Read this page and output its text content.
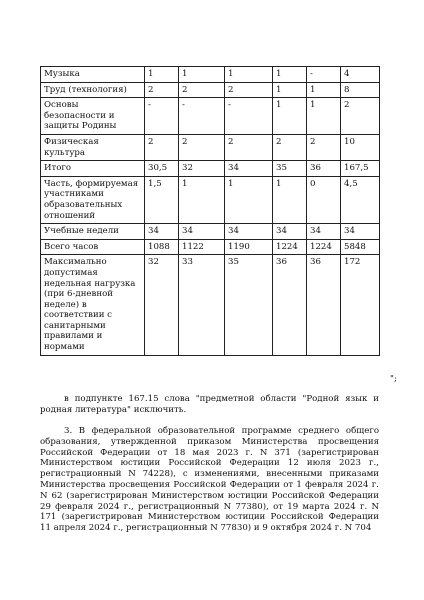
Музыка	1	1	1	1	-	4
Труд (технология)	2	2	2	1	1	8
Основы безопасности и защиты Родины	-	-	-	1	1	2
Физическая культура	2	2	2	2	2	10
Итого	30,5	32	34	35	36	167,5
Часть, формируемая участниками образовательных отношений	1,5	1	1	1	0	4,5
Учебные недели	34	34	34	34	34	34
Всего часов	1088	1122	1190	1224	1224	5848
Максимально допустимая недельная нагрузка (при 6-дневной неделе) в соответствии с санитарными правилами и нормами	32	33	35	36	36	172
";

в подпункте 167.15 слова "предметной области "Родной язык и родная литература" исключить.

3. В федеральной образовательной программе среднего общего образования, утвержденной приказом Министерства просвещения Российской Федерации от 18 мая 2023 г. N 371 (зарегистрирован Министерством юстиции Российской Федерации 12 июля 2023 г., регистрационный N 74228), с изменениями, внесенными приказами Министерства просвещения Российской Федерации от 1 февраля 2024 г. N 62 (зарегистрирован Министерством юстиции Российской Федерации 29 февраля 2024 г., регистрационный N 77380), от 19 марта 2024 г. N 171 (зарегистрирован Министерством юстиции Российской Федерации 11 апреля 2024 г., регистрационный N 77830) и 9 октября 2024 г. N 704
